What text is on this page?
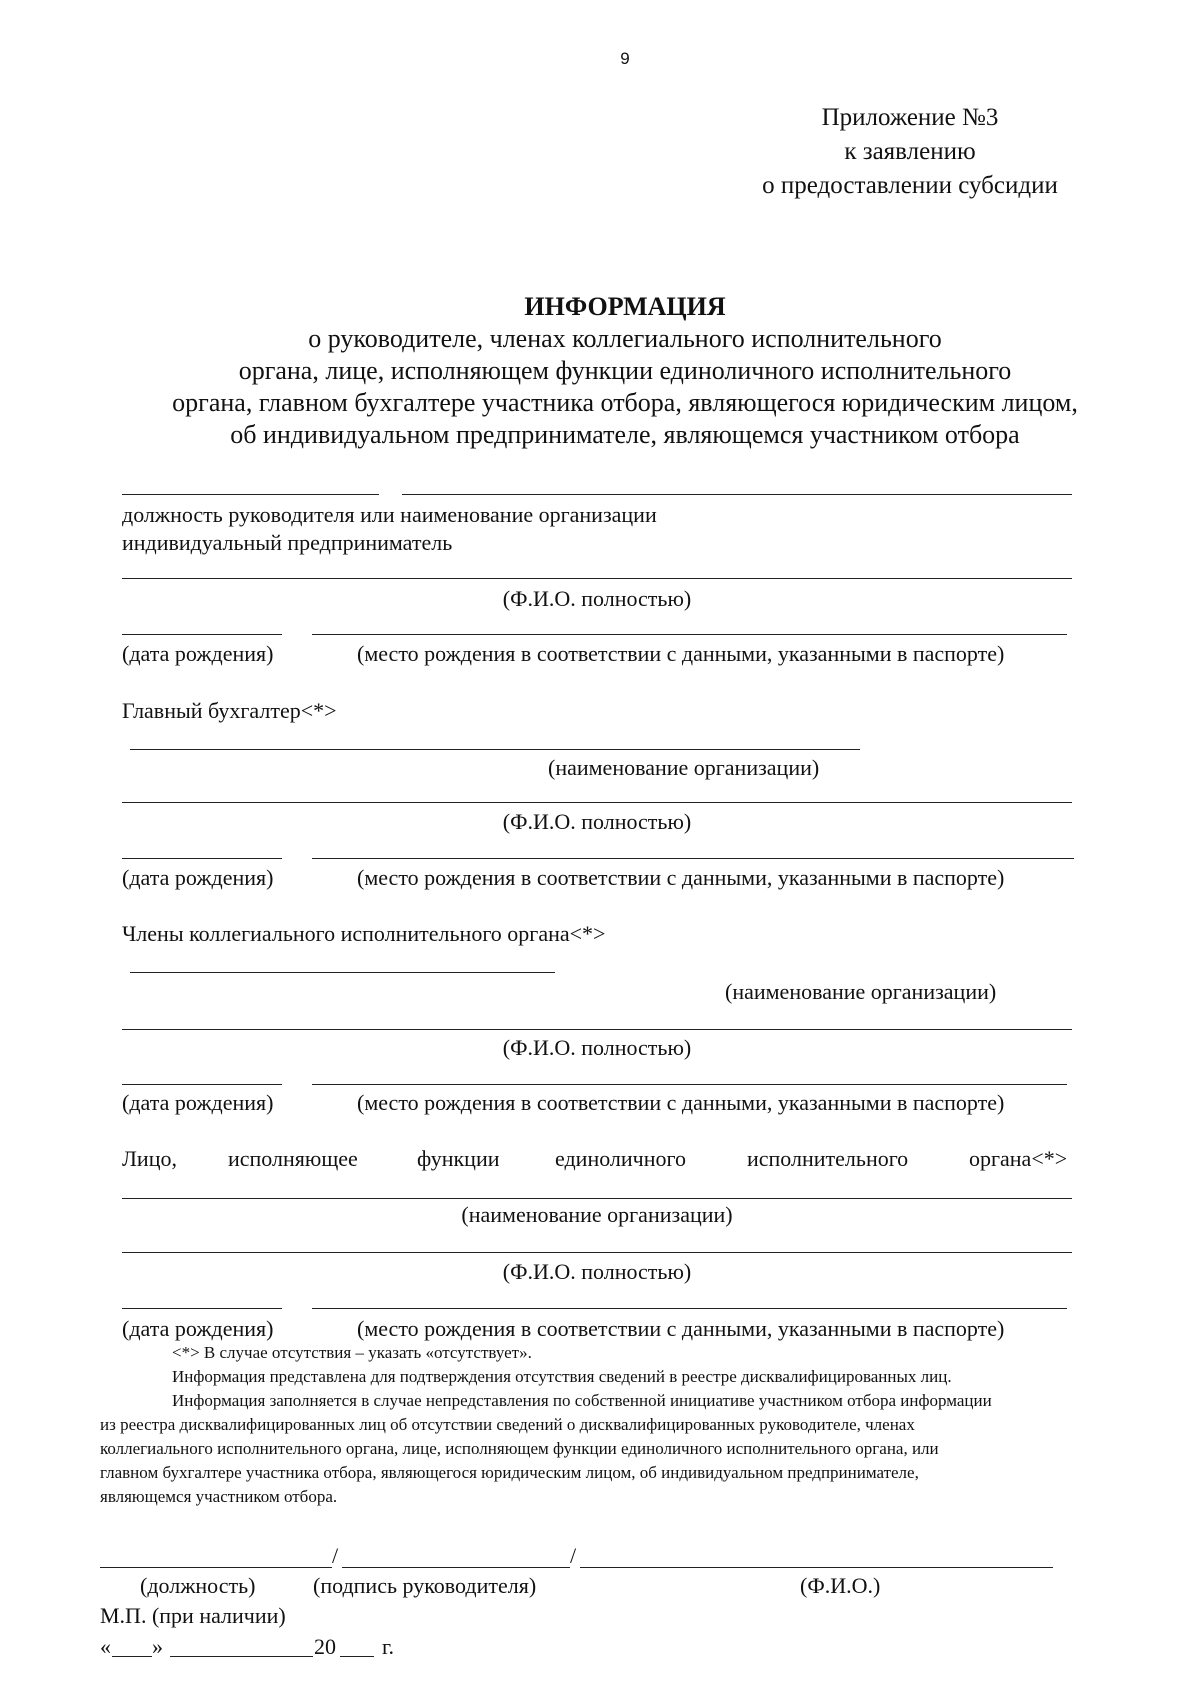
9
Приложение №3
к заявлению
о предоставлении субсидии
ИНФОРМАЦИЯ
о руководителе, членах коллегиального исполнительного
органа, лице, исполняющем функции единоличного исполнительного
органа, главном бухгалтере участника отбора, являющегося юридическим лицом,
об индивидуальном предпринимателе, являющемся участником отбора
должность руководителя или наименование организации
индивидуальный предприниматель
(Ф.И.О. полностью)
(дата рождения)	(место рождения в соответствии с данными, указанными в паспорте)
Главный бухгалтер<*>
(наименование организации)
(Ф.И.О. полностью)
(дата рождения)	(место рождения в соответствии с данными, указанными в паспорте)
Члены коллегиального исполнительного органа<*>
(наименование организации)
(Ф.И.О. полностью)
(дата рождения)	(место рождения в соответствии с данными, указанными в паспорте)
Лицо, исполняющее	функции	единоличного	исполнительного	органа<*>
(наименование организации)
(Ф.И.О. полностью)
(дата рождения)	(место рождения в соответствии с данными, указанными в паспорте)
<*> В случае отсутствия – указать «отсутствует».
Информация представлена для подтверждения отсутствия сведений в реестре дисквалифицированных лиц.
Информация заполняется в случае непредставления по собственной инициативе участником отбора информации
из реестра дисквалифицированных лиц об отсутствии сведений о дисквалифицированных руководителе, членах
коллегиального исполнительного органа, лице, исполняющем функции единоличного исполнительного органа, или
главном бухгалтере участника отбора, являющегося юридическим лицом, об индивидуальном предпринимателе,
являющемся участником отбора.
/	/
(должность)	(подпись руководителя)	(Ф.И.О.)
М.П. (при наличии)
« »	20 г.
